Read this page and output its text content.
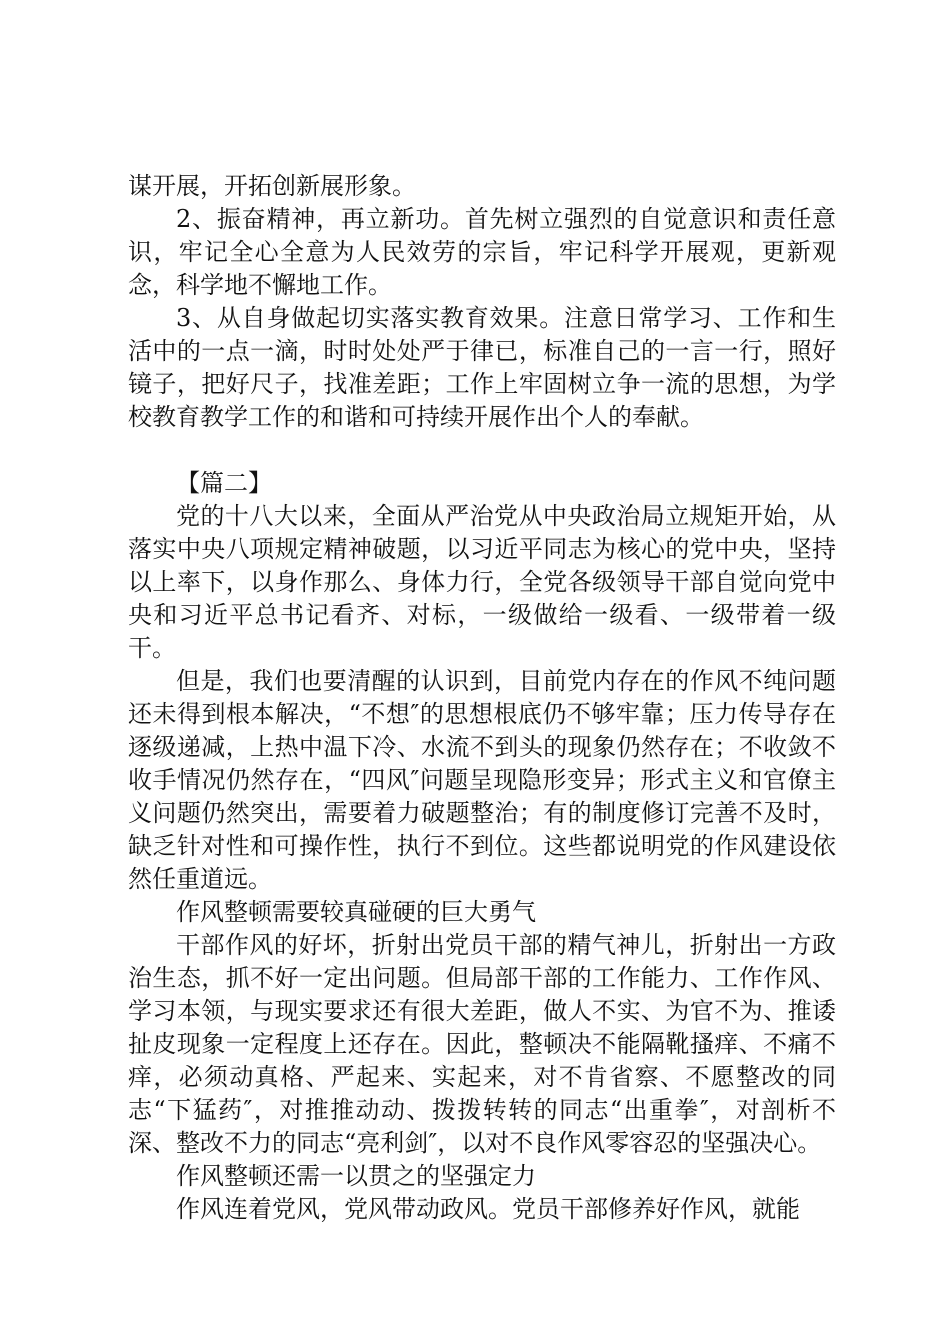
谋开展，开拓创新展形象。

2、振奋精神，再立新功。首先树立强烈的自觉意识和责任意识，牢记全心全意为人民效劳的宗旨，牢记科学开展观，更新观念，科学地不懈地工作。

3、从自身做起切实落实教育效果。注意日常学习、工作和生活中的一点一滴，时时处处严于律已，标准自己的一言一行，照好镜子，把好尺子，找准差距；工作上牢固树立争一流的思想，为学校教育教学工作的和谐和可持续开展作出个人的奉献。

【篇二】

党的十八大以来，全面从严治党从中央政治局立规矩开始，从落实中央八项规定精神破题，以习近平同志为核心的党中央，坚持以上率下，以身作那么、身体力行，全党各级领导干部自觉向党中央和习近平总书记看齐、对标，一级做给一级看、一级带着一级干。

但是，我们也要清醒的认识到，目前党内存在的作风不纯问题还未得到根本解决，“不想″的思想根底仍不够牢靠；压力传导存在逐级递减，上热中温下冷、水流不到头的现象仍然存在；不收敛不收手情况仍然存在，“四风″问题呈现隐形变异；形式主义和官僚主义问题仍然突出，需要着力破题整治；有的制度修订完善不及时，缺乏针对性和可操作性，执行不到位。这些都说明党的作风建设依然任重道远。

作风整顿需要较真碰硬的巨大勇气

干部作风的好坏，折射出党员干部的精气神儿，折射出一方政治生态，抓不好一定出问题。但局部干部的工作能力、工作作风、学习本领，与现实要求还有很大差距，做人不实、为官不为、推诿扯皮现象一定程度上还存在。因此，整顿决不能隔靴搔痒、不痛不痒，必须动真格、严起来、实起来，对不肯省察、不愿整改的同志“下猛药″，对推推动动、拨拨转转的同志“出重拳″，对剖析不深、整改不力的同志“亮利剑″，以对不良作风零容忍的坚强决心。

作风整顿还需一以贯之的坚强定力

作风连着党风，党风带动政风。党员干部修养好作风，就能
